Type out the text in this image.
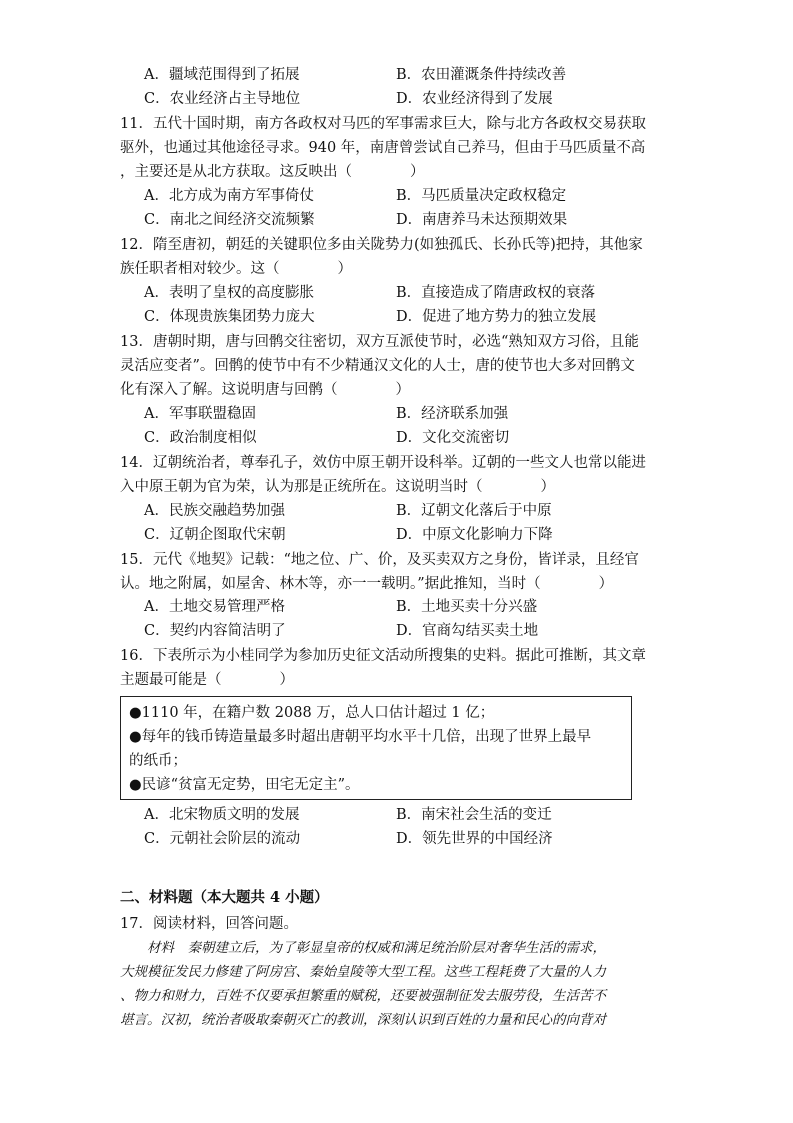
A．疆域范围得到了拓展	B．农田灌溉条件持续改善
C．农业经济占主导地位	D．农业经济得到了发展
11．五代十国时期，南方各政权对马匹的军事需求巨大，除与北方各政权交易获取
驱外，也通过其他途径寻求。940 年，南唐曾尝试自己养马，但由于马匹质量不高
，主要还是从北方获取。这反映出（　　　　）
A．北方成为南方军事倚仗	B．马匹质量决定政权稳定
C．南北之间经济交流频繁	D．南唐养马未达预期效果
12．隋至唐初，朝廷的关键职位多由关陇势力(如独孤氏、长孙氏等)把持，其他家
族任职者相对较少。这（　　　　）
A．表明了皇权的高度膨胀	B．直接造成了隋唐政权的衰落
C．体现贵族集团势力庞大	D．促进了地方势力的独立发展
13．唐朝时期，唐与回鹘交往密切，双方互派使节时，必选“熟知双方习俗，且能
灵活应变者”。回鹘的使节中有不少精通汉文化的人士，唐的使节也大多对回鹘文
化有深入了解。这说明唐与回鹘（　　　　）
A．军事联盟稳固	B．经济联系加强
C．政治制度相似	D．文化交流密切
14．辽朝统治者，尊奉孔子，效仿中原王朝开设科举。辽朝的一些文人也常以能进
入中原王朝为官为荣，认为那是正统所在。这说明当时（　　　　）
A．民族交融趋势加强	B．辽朝文化落后于中原
C．辽朝企图取代宋朝	D．中原文化影响力下降
15．元代《地契》记载：“地之位、广、价，及买卖双方之身份，皆详录，且经官
认。地之附属，如屋舍、林木等，亦一一载明。”据此推知，当时（　　　　）
A．土地交易管理严格	B．土地买卖十分兴盛
C．契约内容简洁明了	D．官商勾结买卖土地
16．下表所示为小桂同学为参加历史征文活动所搜集的史料。据此可推断，其文章
主题最可能是（　　　　）
●1110 年，在籍户数 2088 万，总人口估计超过 1 亿；
●每年的钱币铸造量最多时超出唐朝平均水平十几倍，出现了世界上最早
的纸币；
●民谚“贫富无定势，田宅无定主”。
A．北宋物质文明的发展	B．南宋社会生活的变迁
C．元朝社会阶层的流动	D．领先世界的中国经济
二、材料题（本大题共 4 小题）
17．阅读材料，回答问题。
　　材料　秦朝建立后，为了彰显皇帝的权威和满足统治阶层对奢华生活的需求，
大规模征发民力修建了阿房宫、秦始皇陵等大型工程。这些工程耗费了大量的人力
、物力和财力，百姓不仅要承担繁重的赋税，还要被强制征发去服劳役，生活苦不
堪言。汉初，统治者吸取秦朝灭亡的教训，深刻认识到百姓的力量和民心的向背对
